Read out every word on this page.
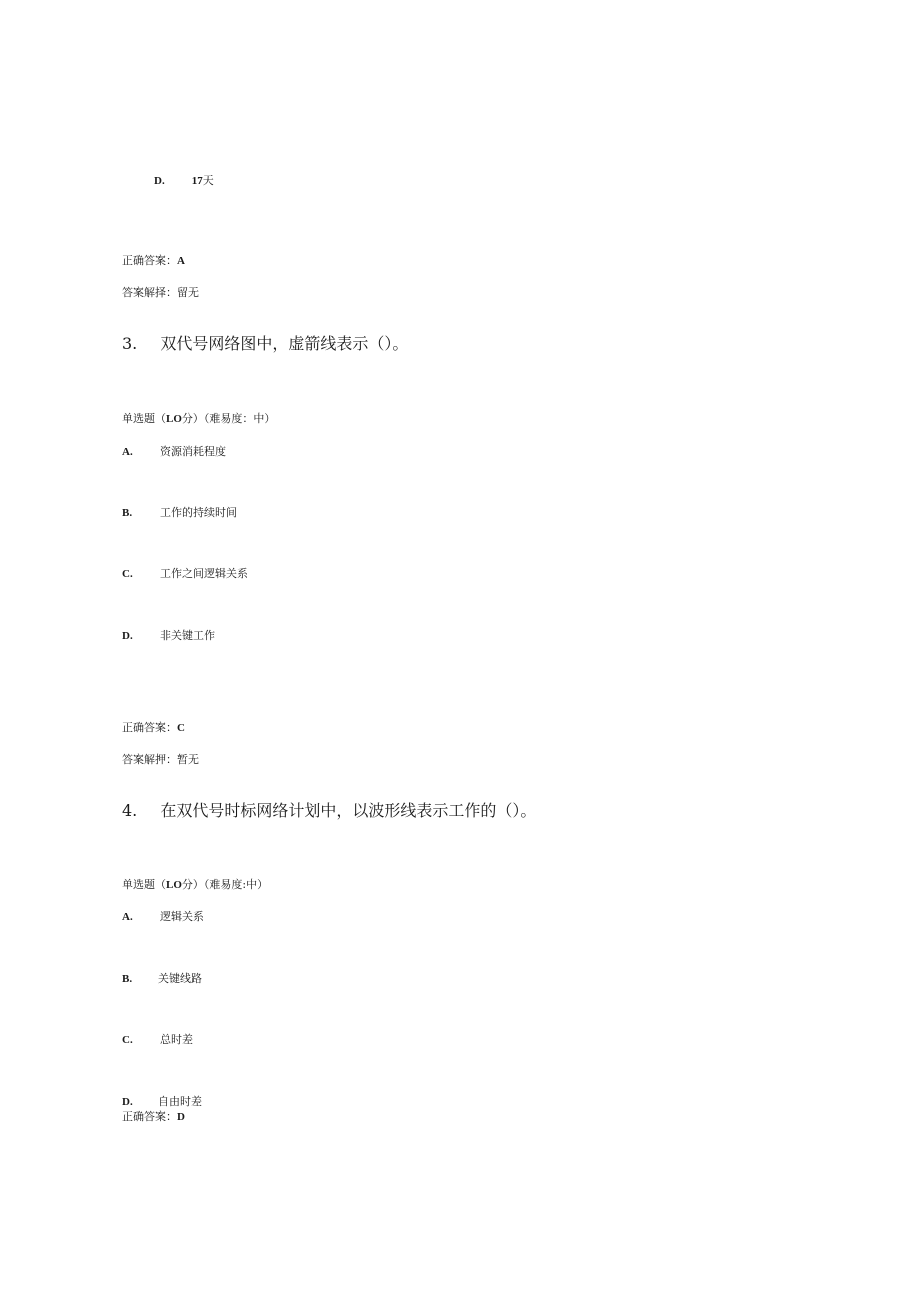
D. 17天
正确答案：A
答案解择：留无
3. 双代号网络图中，虚箭线表示（）。
单选题（LO分）（难易度：中）
A. 资源消耗程度
B.	工作的持续时间
C. 工作之间逻辑关系
D. 非关键工作
正确答案：C
答案解押：暂无
4. 在双代号时标网络计划中，以波形线表示工作的（）。
单选题（LO分）（难易度:中）
A. 逻辑关系
B. 关键线路
C. 总时差
D. 自由时差
正确答案：D
